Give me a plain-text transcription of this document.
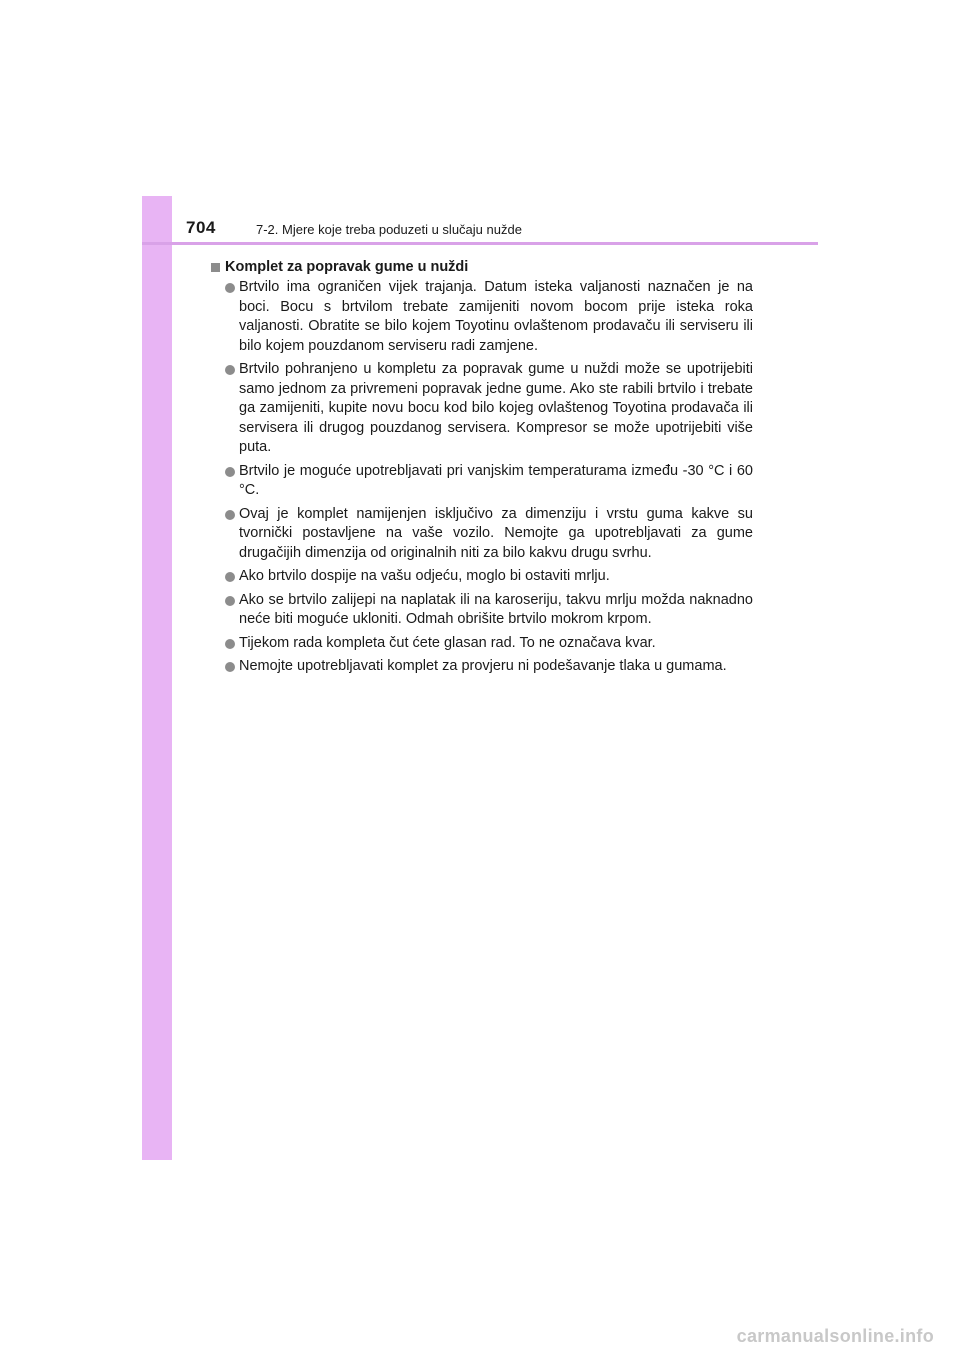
704	7-2. Mjere koje treba poduzeti u slučaju nužde
Komplet za popravak gume u nuždi
Brtvilo ima ograničen vijek trajanja. Datum isteka valjanosti naznačen je na boci. Bocu s brtvilom trebate zamijeniti novom bocom prije isteka roka valjanosti. Obratite se bilo kojem Toyotinu ovlaštenom prodavaču ili serviseru ili bilo kojem pouzdanom serviseru radi zamjene.
Brtvilo pohranjeno u kompletu za popravak gume u nuždi može se upotrijebiti samo jednom za privremeni popravak jedne gume. Ako ste rabili brtvilo i trebate ga zamijeniti, kupite novu bocu kod bilo kojeg ovlaštenog Toyotina prodavača ili servisera ili drugog pouzdanog servisera. Kompresor se može upotrijebiti više puta.
Brtvilo je moguće upotrebljavati pri vanjskim temperaturama između -30 °C i 60 °C.
Ovaj je komplet namijenjen isključivo za dimenziju i vrstu guma kakve su tvornički postavljene na vaše vozilo. Nemojte ga upotrebljavati za gume drugačijih dimenzija od originalnih niti za bilo kakvu drugu svrhu.
Ako brtvilo dospije na vašu odjeću, moglo bi ostaviti mrlju.
Ako se brtvilo zalijepi na naplatak ili na karoseriju, takvu mrlju možda naknadno neće biti moguće ukloniti. Odmah obrišite brtvilo mokrom krpom.
Tijekom rada kompleta čut ćete glasan rad. To ne označava kvar.
Nemojte upotrebljavati komplet za provjeru ni podešavanje tlaka u gumama.
carmanualsonline.info
